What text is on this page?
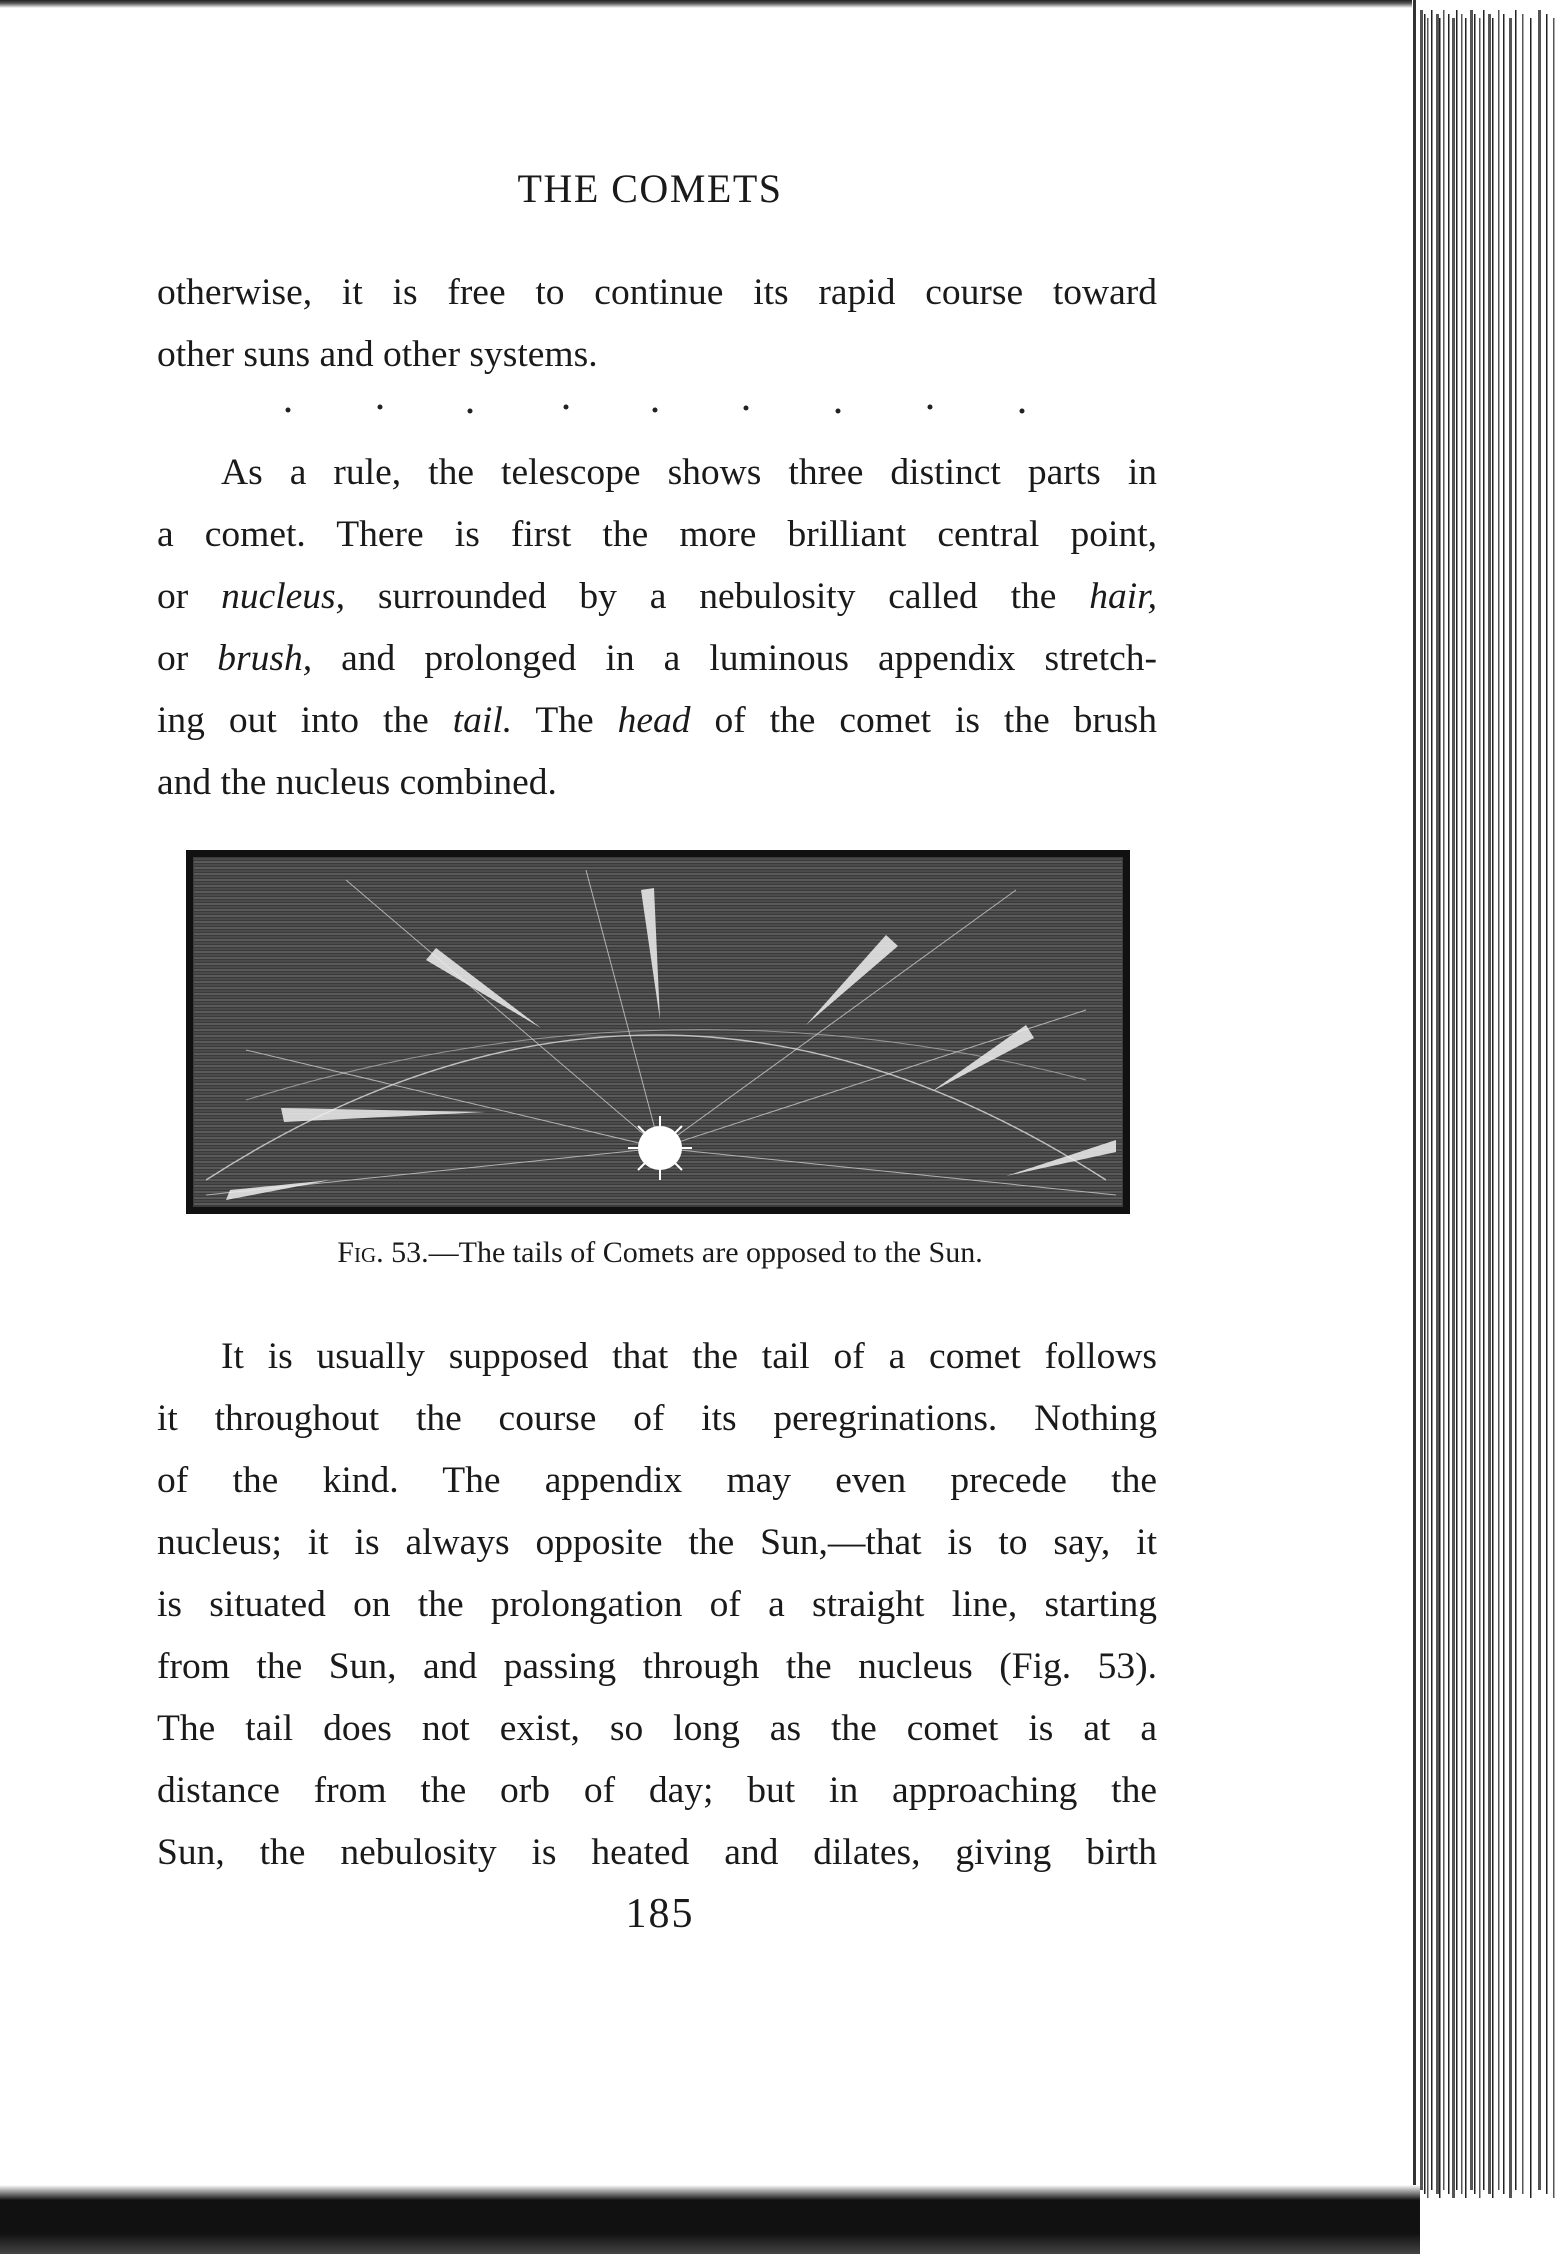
THE COMETS

otherwise, it is free to continue its rapid course toward
other suns and other systems.

As a rule, the telescope shows three distinct parts in
a comet. There is first the more brilliant central point,
or nucleus, surrounded by a nebulosity called the hair,
or brush, and prolonged in a luminous appendix stretch-
ing out into the tail. The head of the comet is the brush
and the nucleus combined.

Fig. 53.—The tails of Comets are opposed to the Sun.

It is usually supposed that the tail of a comet follows
it throughout the course of its peregrinations. Nothing
of the kind. The appendix may even precede the
nucleus; it is always opposite the Sun,—that is to say, it
is situated on the prolongation of a straight line, starting
from the Sun, and passing through the nucleus (Fig. 53).
The tail does not exist, so long as the comet is at a
distance from the orb of day; but in approaching the
Sun, the nebulosity is heated and dilates, giving birth

185
